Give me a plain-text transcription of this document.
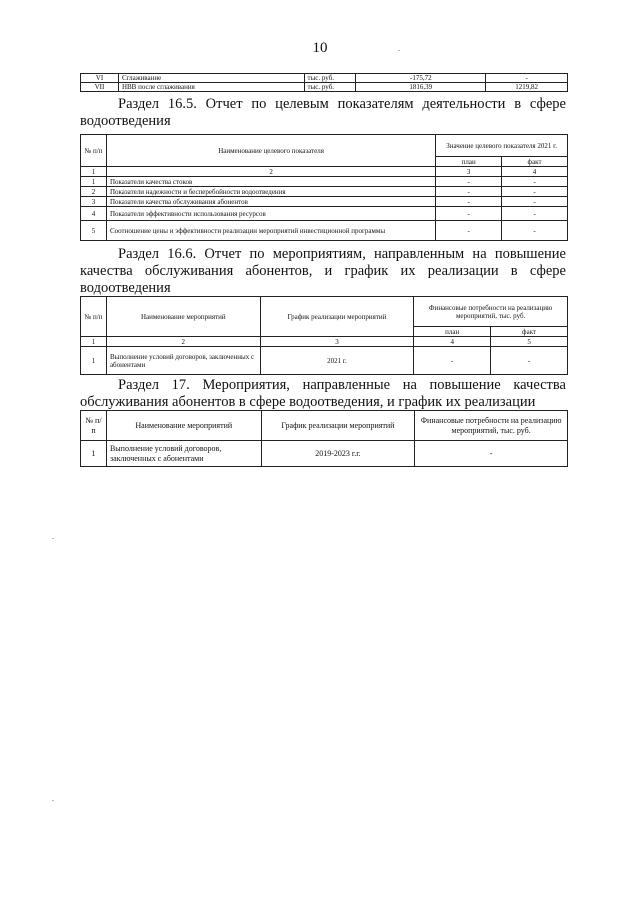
10
VI	Сглаживание	тыс. руб.	-175,72	-
VII	НВВ после сглаживания	тыс. руб.	1816,39	1219,82
Раздел 16.5. Отчет по целевым показателям деятельности в сфере водоотведения
№ п/п	Наименование целевого показателя	Значение целевого показателя 2021 г.	
		план	факт
1	2	3	4
1	Показатели качества стоков	-	-
2	Показатели надежности и бесперебойности водоотведения	-	-
3	Показатели качества обслуживания абонентов	-	-
4	Показатели эффективности использования ресурсов	-	-
5	Соотношение цены и эффективности реализации мероприятий инвестиционной программы	-	-
Раздел 16.6. Отчет по мероприятиям, направленным на повышение качества обслуживания абонентов, и график их реализации в сфере водоотведения
№ п/п	Наименование мероприятий	График реализации мероприятий	Финансовые потребности на реализацию мероприятий, тыс. руб.	
			план	факт
1	2	3	4	5
1	Выполнение условий договоров, заключенных с абонентами	2021 г.	-	-
Раздел 17. Мероприятия, направленные на повышение качества обслуживания абонентов в сфере водоотведения, и график их реализации
№ п/п	Наименование мероприятий	График реализации мероприятий	Финансовые потребности на реализацию мероприятий, тыс. руб.
1	Выполнение условий договоров, заключенных с абонентами	2019-2023 г.г.	-
